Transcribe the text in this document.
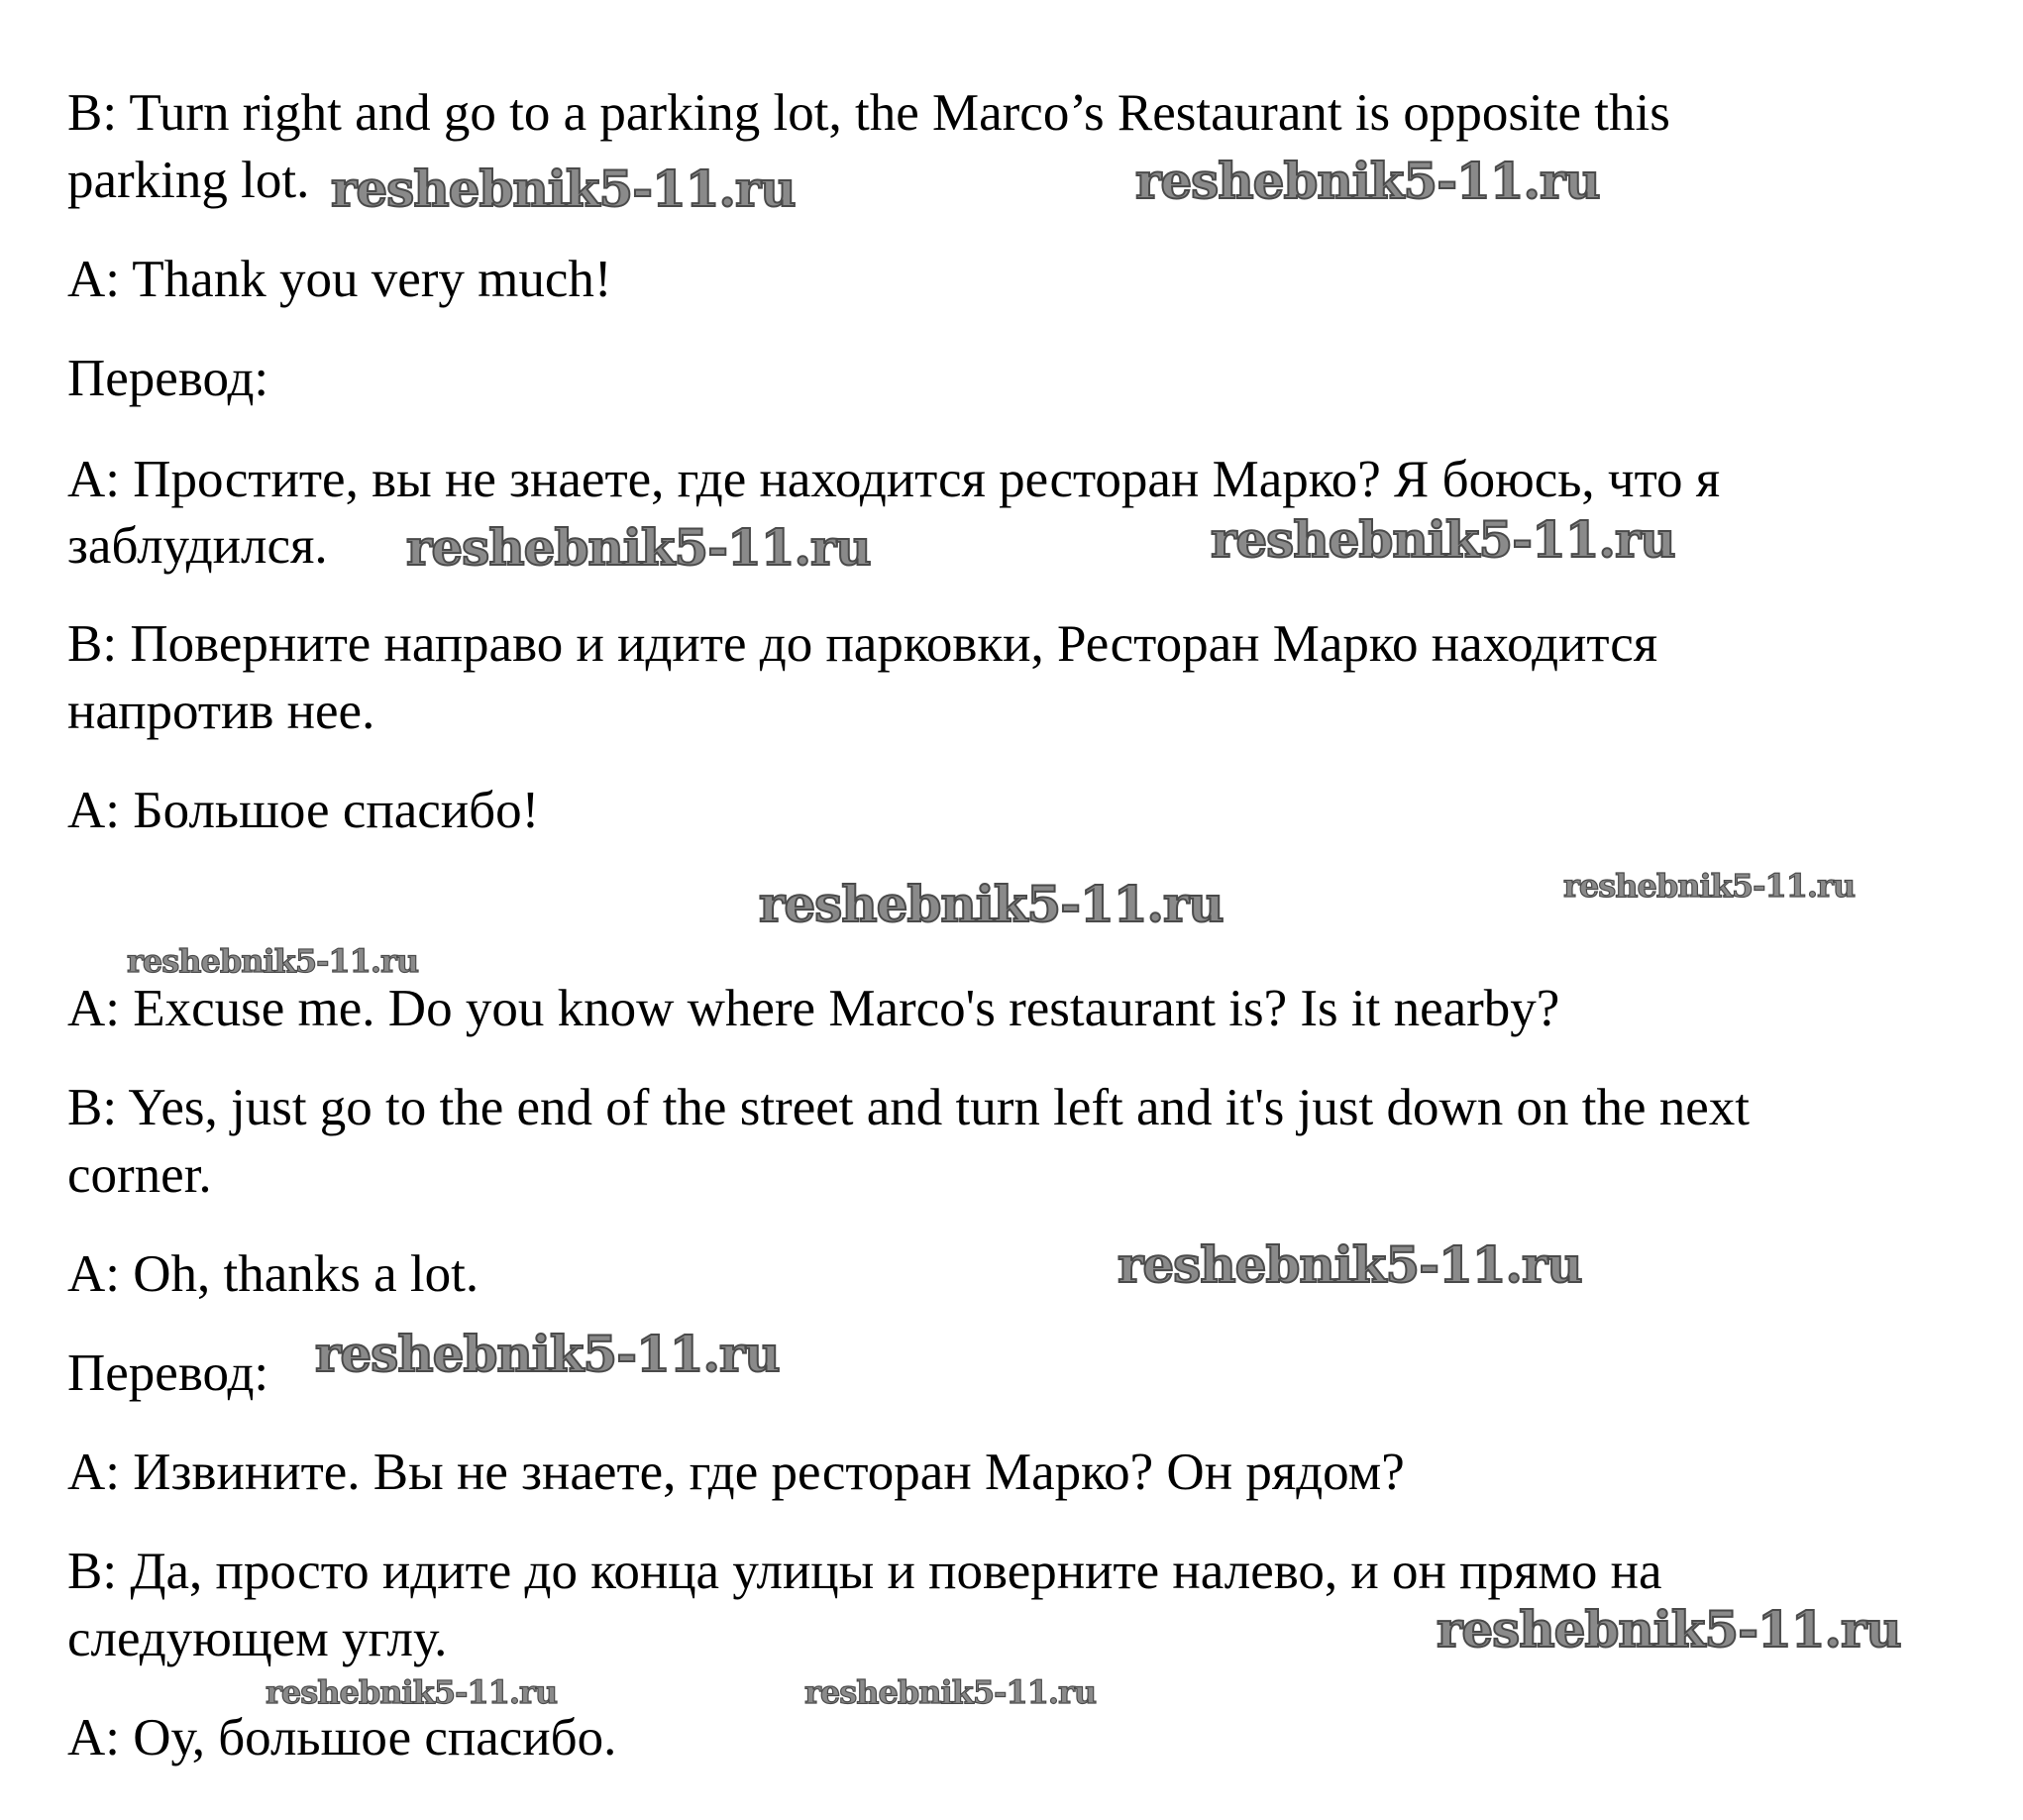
B: Turn right and go to a parking lot, the Marco’s Restaurant is opposite this
parking lot.
A: Thank you very much!
Перевод:
A: Простите, вы не знаете, где находится ресторан Марко? Я боюсь, что я
заблудился.
B: Поверните направо и идите до парковки, Ресторан Марко находится
напротив нее.
A: Большое спасибо!
A: Excuse me. Do you know where Marco's restaurant is? Is it nearby?
B: Yes, just go to the end of the street and turn left and it's just down on the next
corner.
A: Oh, thanks a lot.
Перевод:
A: Извините. Вы не знаете, где ресторан Марко? Он рядом?
B: Да, просто идите до конца улицы и поверните налево, и он прямо на
следующем углу.
A: Оу, большое спасибо.
reshebnik5-11.ru	reshebnik5-11.ru
reshebnik5-11.ru	reshebnik5-11.ru
reshebnik5-11.ru	reshebnik5-11.ru
reshebnik5-11.ru
reshebnik5-11.ru
reshebnik5-11.ru
reshebnik5-11.ru
reshebnik5-11.ru	reshebnik5-11.ru
